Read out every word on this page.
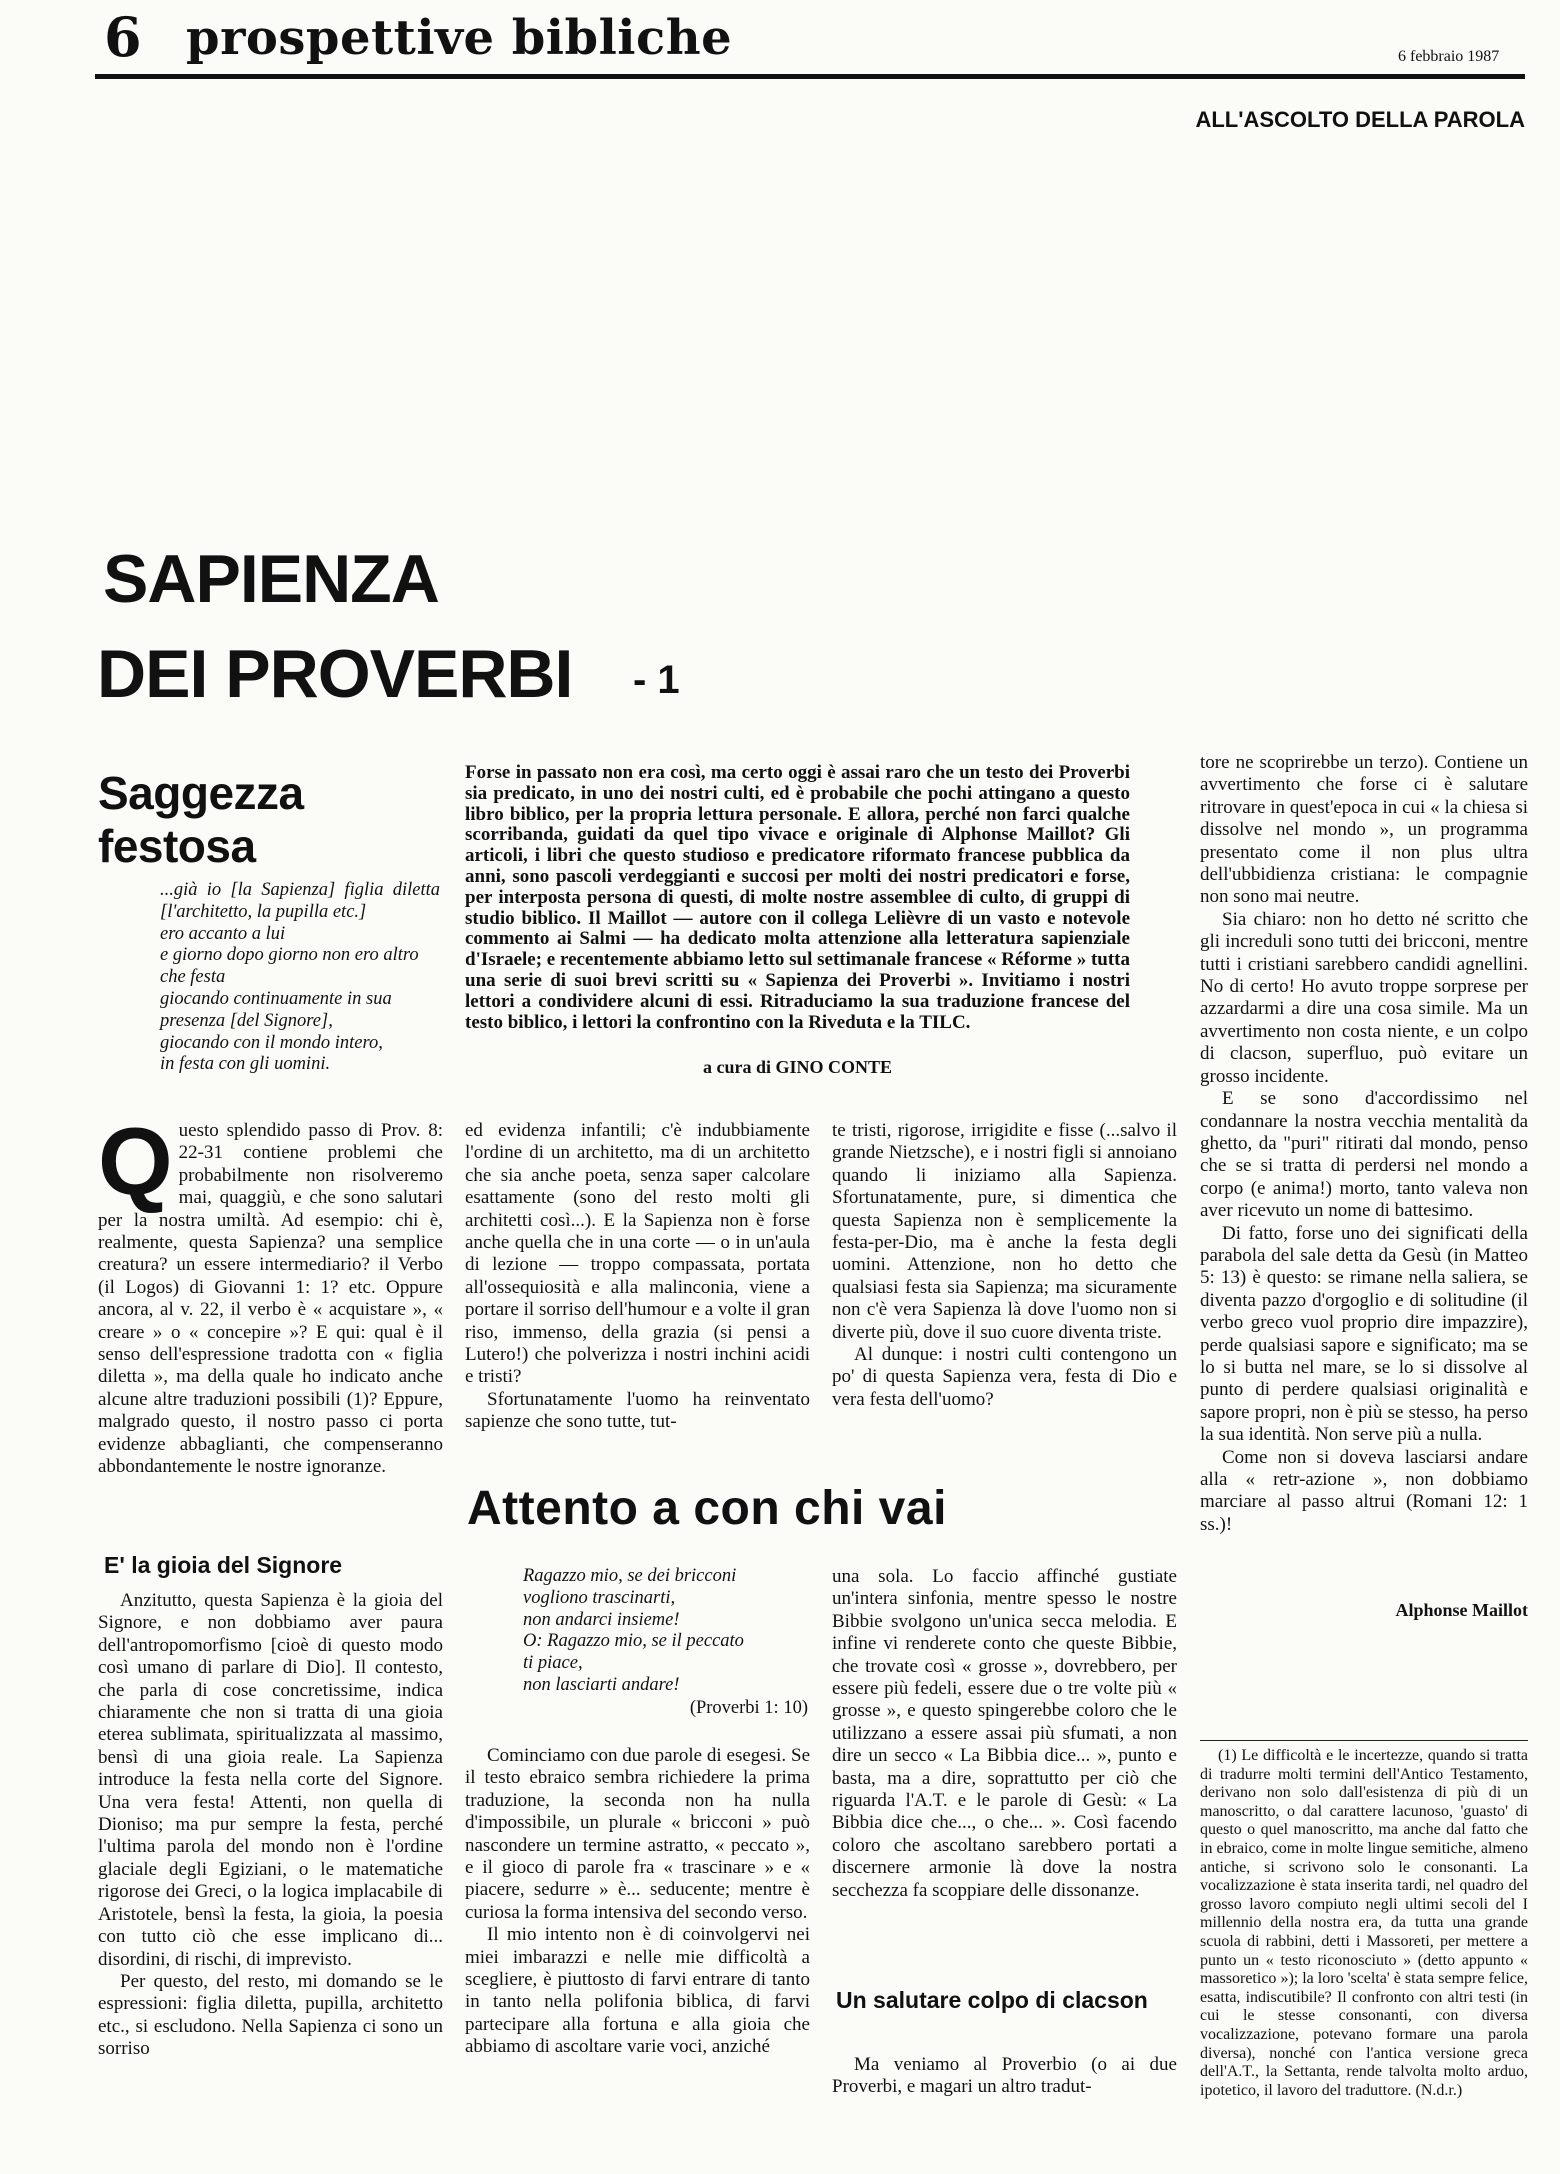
6 prospettive bibliche	6 febbraio 1987
ALL'ASCOLTO DELLA PAROLA
SAPIENZA
DEI PROVERBI - 1
Saggezza festosa
...già io [la Sapienza] figlia diletta [l'architetto, la pupilla etc.]
ero accanto a lui
e giorno dopo giorno non ero altro che festa
giocando continuamente in sua presenza [del Signore],
giocando con il mondo intero,
in festa con gli uomini.
Forse in passato non era così, ma certo oggi è assai raro che un testo dei Proverbi sia predicato, in uno dei nostri culti, ed è probabile che pochi attingano a questo libro biblico, per la propria lettura personale. E allora, perché non farci qualche scorribanda, guidati da quel tipo vivace e originale di Alphonse Maillot? Gli articoli, i libri che questo studioso e predicatore riformato francese pubblica da anni, sono pascoli verdeggianti e succosi per molti dei nostri predicatori e forse, per interposta persona di questi, di molte nostre assemblee di culto, di gruppi di studio biblico. Il Maillot — autore con il collega Lelièvre di un vasto e notevole commento ai Salmi — ha dedicato molta attenzione alla letteratura sapienziale d'Israele; e recentemente abbiamo letto sul settimanale francese « Réforme » tutta una serie di suoi brevi scritti su « Sapienza dei Proverbi ». Invitiamo i nostri lettori a condividere alcuni di essi. Ritraduciamo la sua traduzione francese del testo biblico, i lettori la confrontino con la Riveduta e la TILC.
a cura di GINO CONTE
Q uesto splendido passo di Prov. 8: 22-31 contiene problemi che probabilmente non risolveremo mai, quaggiù, e che sono salutari per la nostra umiltà. Ad esempio: chi è, realmente, questa Sapienza? una semplice creatura? un essere intermediario? il Verbo (il Logos) di Giovanni 1: 1? etc. Oppure ancora, al v. 22, il verbo è « acquistare », « creare » o « concepire »? E qui: qual è il senso dell'espressione tradotta con « figlia diletta », ma della quale ho indicato anche alcune altre traduzioni possibili (1)? Eppure, malgrado questo, il nostro passo ci porta evidenze abbaglianti, che compenseranno abbondantemente le nostre ignoranze.
E' la gioia del Signore

Anzitutto, questa Sapienza è la gioia del Signore, e non dobbiamo aver paura dell'antropomorfismo [cioè di questo modo così umano di parlare di Dio]. Il contesto, che parla di cose concretissime, indica chiaramente che non si tratta di una gioia eterea sublimata, spiritualizzata al massimo, bensì di una gioia reale. La Sapienza introduce la festa nella corte del Signore. Una vera festa! Attenti, non quella di Dioniso; ma pur sempre la festa, perché l'ultima parola del mondo non è l'ordine glaciale degli Egiziani, o le matematiche rigorose dei Greci, o la logica implacabile di Aristotele, bensì la festa, la gioia, la poesia con tutto ciò che esse implicano di... disordini, di rischi, di imprevisto.

Per questo, del resto, mi domando se le espressioni: figlia diletta, pupilla, architetto etc., si escludono. Nella Sapienza ci sono un sorriso

ed evidenza infantili; c'è indubbiamente l'ordine di un architetto, ma di un architetto che sia anche poeta, senza saper calcolare esattamente (sono del resto molti gli architetti così...). E la Sapienza non è forse anche quella che in una corte — o in un'aula di lezione — troppo compassata, portata all'ossequiosità e alla malinconia, viene a portare il sorriso dell'humour e a volte il gran riso, immenso, della grazia (si pensi a Lutero!) che polverizza i nostri inchini acidi e tristi?

Sfortunatamente l'uomo ha reinventato sapienze che sono tutte, tut-

te tristi, rigorose, irrigidite e fisse (...salvo il grande Nietzsche), e i nostri figli si annoiano quando li iniziamo alla Sapienza. Sfortunatamente, pure, si dimentica che questa Sapienza non è semplicemente la festa-per-Dio, ma è anche la festa degli uomini. Attenzione, non ho detto che qualsiasi festa sia Sapienza; ma sicuramente non c'è vera Sapienza là dove l'uomo non si diverte più, dove il suo cuore diventa triste.

Al dunque: i nostri culti contengono un po' di questa Sapienza vera, festa di Dio e vera festa dell'uomo?

Attento a con chi vai
Ragazzo mio, se dei bricconi
vogliono trascinarti,
non andarci insieme!
O: Ragazzo mio, se il peccato
ti piace,
non lasciarti andare!
(Proverbi 1: 10)

Cominciamo con due parole di esegesi. Se il testo ebraico sembra richiedere la prima traduzione, la seconda non ha nulla d'impossibile, un plurale « bricconi » può nascondere un termine astratto, « peccato », e il gioco di parole fra « trascinare » e « piacere, sedurre » è... seducente; mentre è curiosa la forma intensiva del secondo verso.

Il mio intento non è di coinvolgervi nei miei imbarazzi e nelle mie difficoltà a scegliere, è piuttosto di farvi entrare di tanto in tanto nella polifonia biblica, di farvi partecipare alla fortuna e alla gioia che abbiamo di ascoltare varie voci, anziché

una sola. Lo faccio affinché gustiate un'intera sinfonia, mentre spesso le nostre Bibbie svolgono un'unica secca melodia. E infine vi renderete conto che queste Bibbie, che trovate così « grosse », dovrebbero, per essere più fedeli, essere due o tre volte più « grosse », e questo spingerebbe coloro che le utilizzano a essere assai più sfumati, a non dire un secco « La Bibbia dice... », punto e basta, ma a dire, soprattutto per ciò che riguarda l'A.T. e le parole di Gesù: « La Bibbia dice che..., o che... ». Così facendo coloro che ascoltano sarebbero portati a discernere armonie là dove la nostra secchezza fa scoppiare delle dissonanze.

Un salutare colpo di clacson

Ma veniamo al Proverbio (o ai due Proverbi, e magari un altro tradut-

tore ne scoprirebbe un terzo). Contiene un avvertimento che forse ci è salutare ritrovare in quest'epoca in cui « la chiesa si dissolve nel mondo », un programma presentato come il non plus ultra dell'ubbidienza cristiana: le compagnie non sono mai neutre.

Sia chiaro: non ho detto né scritto che gli increduli sono tutti dei bricconi, mentre tutti i cristiani sarebbero candidi agnellini. No di certo! Ho avuto troppe sorprese per azzardarmi a dire una cosa simile. Ma un avvertimento non costa niente, e un colpo di clacson, superfluo, può evitare un grosso incidente.

E se sono d'accordissimo nel condannare la nostra vecchia mentalità da ghetto, da "puri" ritirati dal mondo, penso che se si tratta di perdersi nel mondo a corpo (e anima!) morto, tanto valeva non aver ricevuto un nome di battesimo.

Di fatto, forse uno dei significati della parabola del sale detta da Gesù (in Matteo 5: 13) è questo: se rimane nella saliera, se diventa pazzo d'orgoglio e di solitudine (il verbo greco vuol proprio dire impazzire), perde qualsiasi sapore e significato; ma se lo si butta nel mare, se lo si dissolve al punto di perdere qualsiasi originalità e sapore propri, non è più se stesso, ha perso la sua identità. Non serve più a nulla.

Come non si doveva lasciarsi andare alla « retr-azione », non dobbiamo marciare al passo altrui (Romani 12: 1 ss.)!

Alphonse Maillot

(1) Le difficoltà e le incertezze, quando si tratta di tradurre molti termini dell'Antico Testamento, derivano non solo dall'esistenza di più di un manoscritto, o dal carattere lacunoso, 'guasto' di questo o quel manoscritto, ma anche dal fatto che in ebraico, come in molte lingue semitiche, almeno antiche, si scrivono solo le consonanti. La vocalizzazione è stata inserita tardi, nel quadro del grosso lavoro compiuto negli ultimi secoli del I millennio della nostra era, da tutta una grande scuola di rabbini, detti i Massoreti, per mettere a punto un « testo riconosciuto » (detto appunto « massoretico »); la loro 'scelta' è stata sempre felice, esatta, indiscutibile? Il confronto con altri testi (in cui le stesse consonanti, con diversa vocalizzazione, potevano formare una parola diversa), nonché con l'antica versione greca dell'A.T., la Settanta, rende talvolta molto arduo, ipotetico, il lavoro del traduttore. (N.d.r.)
